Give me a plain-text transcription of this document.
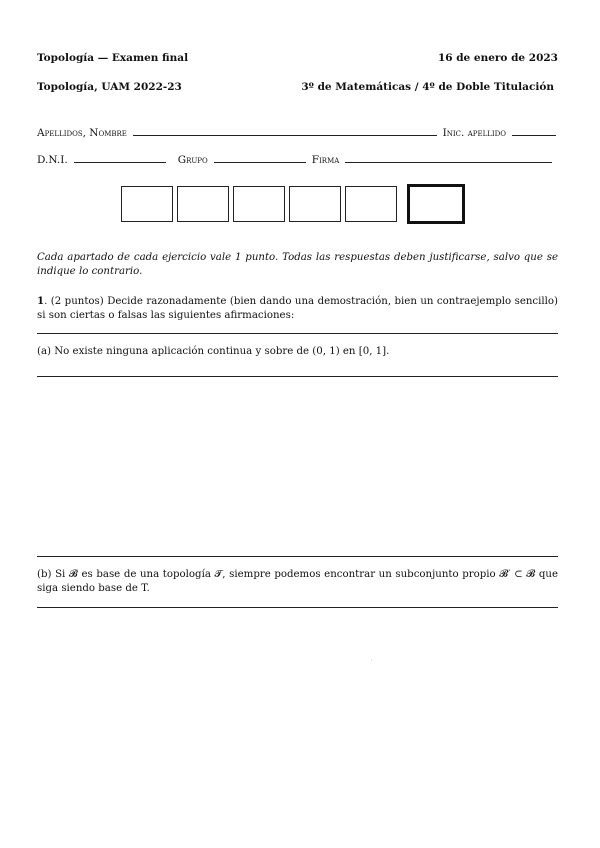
Topología — Examen final	16 de enero de 2023
Topología, UAM 2022-23	3º de Matemáticas / 4º de Doble Titulación
Apellidos, Nombre	Inic. apellido
D.N.I.	Grupo	Firma
Cada apartado de cada ejercicio vale 1 punto. Todas las respuestas deben justificarse, salvo que se indique lo contrario.
1. (2 puntos) Decide razonadamente (bien dando una demostración, bien un contraejemplo sencillo) si son ciertas o falsas las siguientes afirmaciones:
(a) No existe ninguna aplicación continua y sobre de (0, 1) en [0, 1].
(b) Si 𝓑 es base de una topología 𝓣, siempre podemos encontrar un subconjunto propio 𝓑′ ⊂ 𝓑 que siga siendo base de T.
